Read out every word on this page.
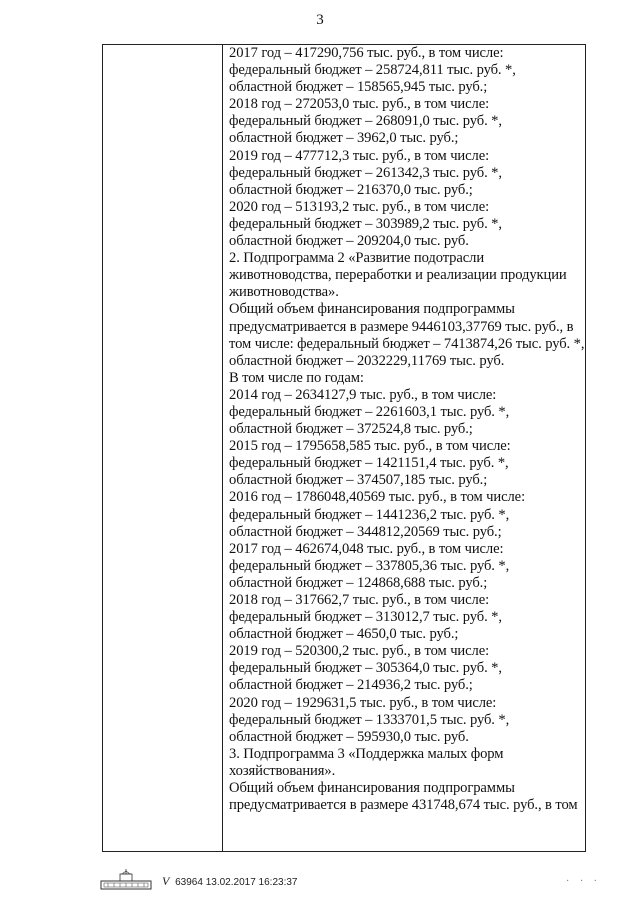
3
2017 год – 417290,756 тыс. руб., в том числе:
федеральный бюджет – 258724,811 тыс. руб. *,
областной бюджет – 158565,945 тыс. руб.;
2018 год – 272053,0 тыс. руб., в том числе:
федеральный бюджет – 268091,0 тыс. руб. *,
областной бюджет – 3962,0 тыс. руб.;
2019 год – 477712,3 тыс. руб., в том числе:
федеральный бюджет – 261342,3 тыс. руб. *,
областной бюджет – 216370,0 тыс. руб.;
2020 год – 513193,2 тыс. руб., в том числе:
федеральный бюджет – 303989,2 тыс. руб. *,
областной бюджет – 209204,0 тыс. руб.
2. Подпрограмма 2 «Развитие подотрасли
животноводства, переработки и реализации продукции
животноводства».
Общий объем финансирования подпрограммы
предусматривается в размере 9446103,37769 тыс. руб., в
том числе: федеральный бюджет – 7413874,26 тыс. руб. *,
областной бюджет – 2032229,11769 тыс. руб.
В том числе по годам:
2014 год – 2634127,9 тыс. руб., в том числе:
федеральный бюджет – 2261603,1 тыс. руб. *,
областной бюджет – 372524,8 тыс. руб.;
2015 год – 1795658,585 тыс. руб., в том числе:
федеральный бюджет – 1421151,4 тыс. руб. *,
областной бюджет – 374507,185 тыс. руб.;
2016 год – 1786048,40569 тыс. руб., в том числе:
федеральный бюджет – 1441236,2 тыс. руб. *,
областной бюджет – 344812,20569 тыс. руб.;
2017 год – 462674,048 тыс. руб., в том числе:
федеральный бюджет – 337805,36 тыс. руб. *,
областной бюджет – 124868,688 тыс. руб.;
2018 год – 317662,7 тыс. руб., в том числе:
федеральный бюджет – 313012,7 тыс. руб. *,
областной бюджет – 4650,0 тыс. руб.;
2019 год – 520300,2 тыс. руб., в том числе:
федеральный бюджет – 305364,0 тыс. руб. *,
областной бюджет – 214936,2 тыс. руб.;
2020 год – 1929631,5 тыс. руб., в том числе:
федеральный бюджет – 1333701,5 тыс. руб. *,
областной бюджет – 595930,0 тыс. руб.
3. Подпрограмма 3 «Поддержка малых форм
хозяйствования».
Общий объем финансирования подпрограммы
предусматривается в размере 431748,674 тыс. руб., в том
V 63964 13.02.2017 16:23:37	· · ·
